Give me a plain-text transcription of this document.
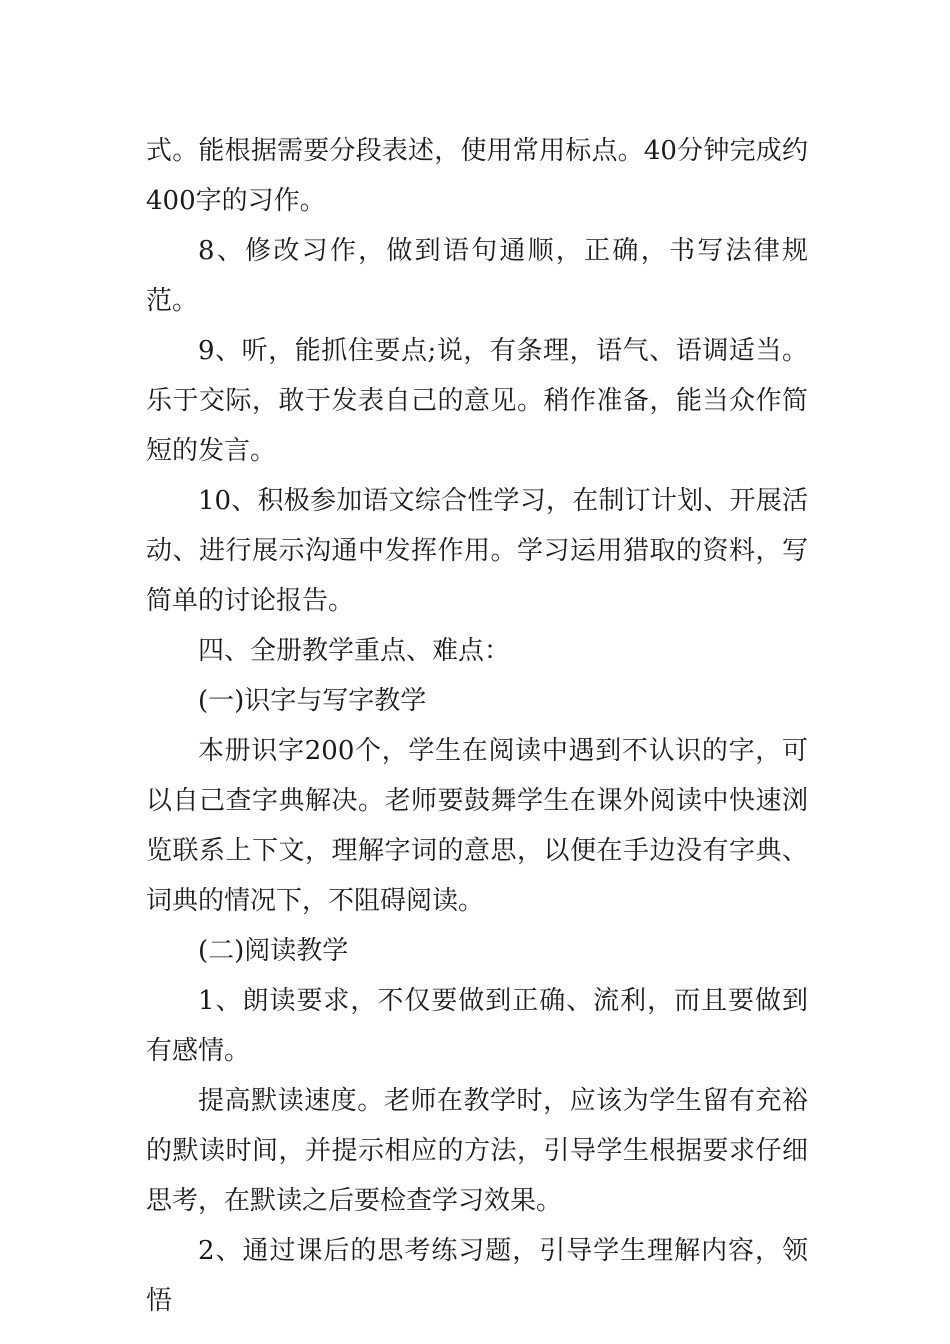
式。能根据需要分段表述，使用常用标点。40分钟完成约400字的习作。

8、修改习作，做到语句通顺，正确，书写法律规范。

9、听，能抓住要点;说，有条理，语气、语调适当。乐于交际，敢于发表自己的意见。稍作准备，能当众作简短的发言。

10、积极参加语文综合性学习，在制订计划、开展活动、进行展示沟通中发挥作用。学习运用猎取的资料，写简单的讨论报告。

四、全册教学重点、难点：

(一)识字与写字教学

本册识字200个，学生在阅读中遇到不认识的字，可以自己查字典解决。老师要鼓舞学生在课外阅读中快速浏览联系上下文，理解字词的意思，以便在手边没有字典、词典的情况下，不阻碍阅读。

(二)阅读教学

1、朗读要求，不仅要做到正确、流利，而且要做到有感情。

提高默读速度。老师在教学时，应该为学生留有充裕的默读时间，并提示相应的方法，引导学生根据要求仔细思考，在默读之后要检查学习效果。

2、通过课后的思考练习题，引导学生理解内容，领悟
